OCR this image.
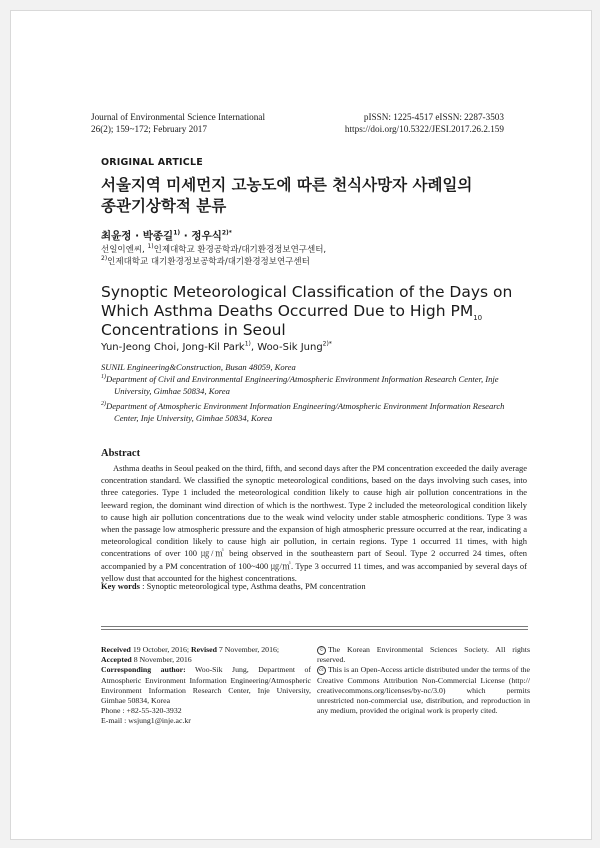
Journal of Environmental Science International
26(2); 159~172; February 2017
pISSN: 1225-4517 eISSN: 2287-3503
https://doi.org/10.5322/JESI.2017.26.2.159
ORIGINAL ARTICLE
서울지역 미세먼지 고농도에 따른 천식사망자 사례일의
종관기상학적 분류
최윤정 · 박종길$^{1)}$ · 정우식$^{2)*}$
선일이엔씨, $^{1)}$인제대학교 환경공학과/대기환경정보연구센터,
$^{2)}$인제대학교 대기환경정보공학과/대기환경정보연구센터
Synoptic Meteorological Classification of the Days on Which Asthma Deaths Occurred Due to High $PM_{10}$ Concentrations in Seoul
Yun-Jeong Choi, Jong-Kil Park$^{1)}$, Woo-Sik Jung$^{2)*}$
SUNIL Engineering&Construction, Busan 48059, Korea
$^{1)}$Department of Civil and Environmental Engineering/Atmospheric Environment Information Research Center, Inje
University, Gimhae 50834, Korea
$^{2)}$Department of Atmospheric Environment Information Engineering/Atmospheric Environment Information Research
Center, Inje University, Gimhae 50834, Korea
Abstract
Asthma deaths in Seoul peaked on the third, fifth, and second days after the PM concentration exceeded the daily average concentration standard. We classified the synoptic meteorological conditions, based on the days involving such cases, into three categories. Type 1 included the meteorological condition likely to cause high air pollution concentrations in the leeward region, the dominant wind direction of which is the northwest. Type 2 included the meteorological condition likely to cause high air pollution concentrations due to the weak wind velocity under stable atmospheric conditions. Type 3 was when the passage low atmospheric pressure and the expansion of high atmospheric pressure occurred at the rear, indicating a meteorological condition likely to cause high air pollution, in certain regions. Type 1 occurred 11 times, with high concentrations of over 100 ㎍/㎥ being observed in the southeastern part of Seoul. Type 2 occurred 24 times, often accompanied by a PM concentration of 100~400 ㎍/㎥. Type 3 occurred 11 times, and was accompanied by several days of yellow dust that accounted for the highest concentrations.
Key words : Synoptic meteorological type, Asthma deaths, PM concentration
Received 19 October, 2016; Revised 7 November, 2016;
Accepted 8 November, 2016
Corresponding author: Woo-Sik Jung, Department of Atmospheric Environment Information Engineering/Atmospheric Environment Information Research Center, Inje University, Gimhae 50834, Korea
Phone : +82-55-320-3932
E-mail : wsjung1@inje.ac.kr
© The Korean Environmental Sciences Society. All rights reserved.
cc This is an Open-Access article distributed under the terms of the Creative Commons Attribution Non-Commercial License (http:// creativecommons.org/licenses/by-nc/3.0) which permits unrestricted non-commercial use, distribution, and reproduction in any medium, provided the original work is properly cited.
